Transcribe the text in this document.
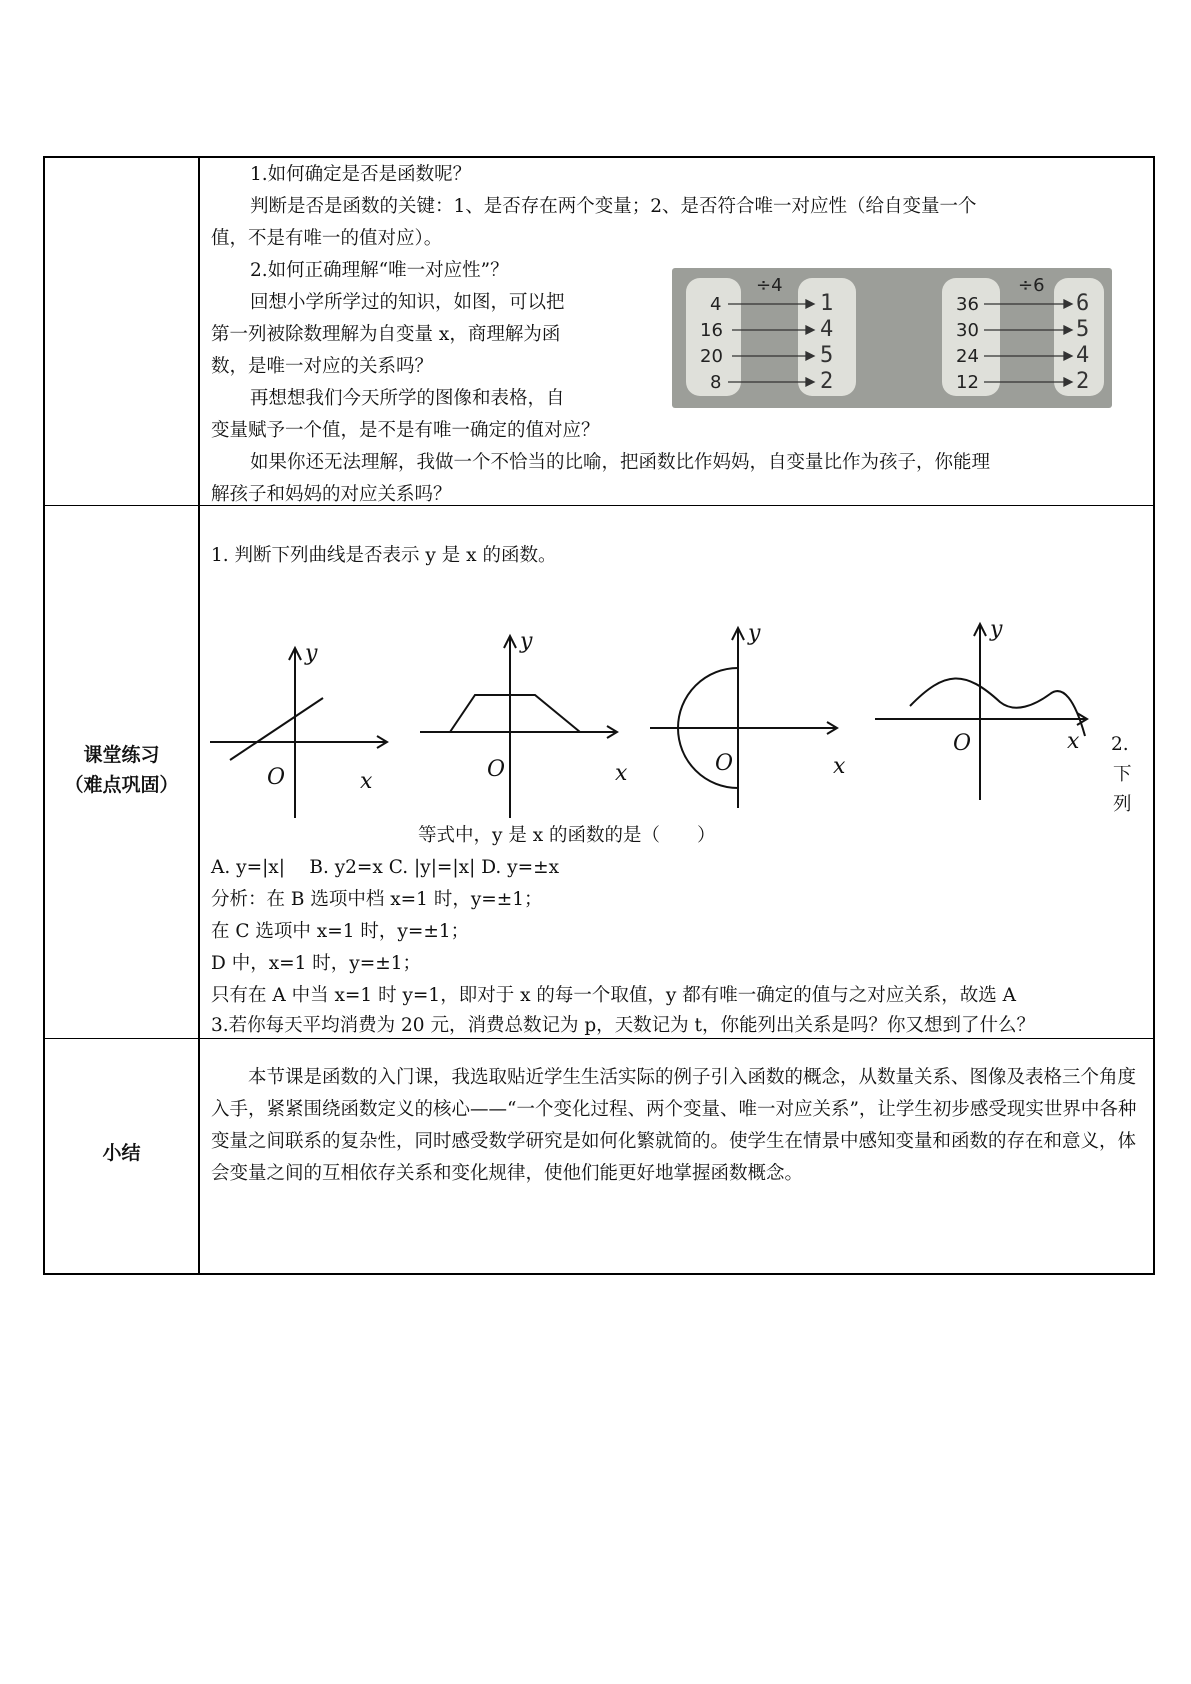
课堂练习
（难点巩固）
小结
1.如何确定是否是函数呢？
判断是否是函数的关键：1、是否存在两个变量；2、是否符合唯一对应性（给自变量一个
值，不是有唯一的值对应）。
2.如何正确理解“唯一对应性”？
回想小学所学过的知识，如图，可以把
第一列被除数理解为自变量 x，商理解为函
数，是唯一对应的关系吗？
再想想我们今天所学的图像和表格，自
变量赋予一个值，是不是有唯一确定的值对应？
如果你还无法理解，我做一个不恰当的比喻，把函数比作妈妈，自变量比作为孩子，你能理
解孩子和妈妈的对应关系吗？
÷4	÷6
4
16
20
8
1
4
5
2
36
30
24
12
6
5
4
2
1. 判断下列曲线是否表示 y 是 x 的函数。
y
x
O
y
x
O
y
x
O
y
x
O	2.
下
列
等式中，y 是 x 的函数的是（　　）
A. y=|x|　 B. y2=x C. |y|=|x| D. y=±x
分析：在 B 选项中档 x=1 时，y=±1；
在 C 选项中 x=1 时，y=±1；
D 中，x=1 时，y=±1；
只有在 A 中当 x=1 时 y=1，即对于 x 的每一个取值，y 都有唯一确定的值与之对应关系，故选 A
3.若你每天平均消费为 20 元，消费总数记为 p，天数记为 t，你能列出关系是吗？你又想到了什么？
本节课是函数的入门课，我选取贴近学生生活实际的例子引入函数的概念，从数量关系、图像及表格三个角度入手，紧紧围绕函数定义的核心——“一个变化过程、两个变量、唯一对应关系”，让学生初步感受现实世界中各种变量之间联系的复杂性，同时感受数学研究是如何化繁就简的。使学生在情景中感知变量和函数的存在和意义，体会变量之间的互相依存关系和变化规律，使他们能更好地掌握函数概念。
